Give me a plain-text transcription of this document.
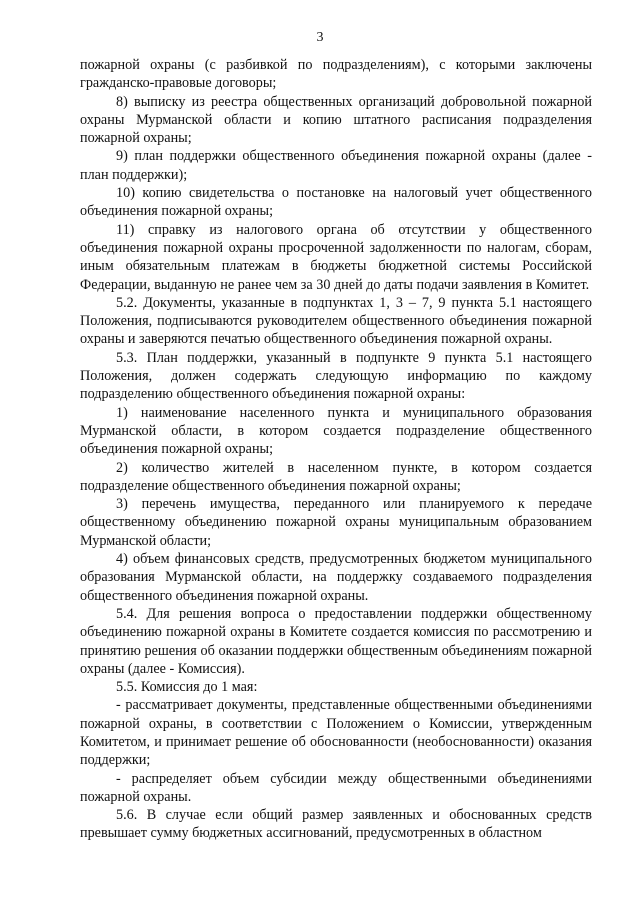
3

пожарной охраны (с разбивкой по подразделениям), с которыми заключены гражданско-правовые договоры;

8) выписку из реестра общественных организаций добровольной пожарной охраны Мурманской области и копию штатного расписания подразделения пожарной охраны;

9) план поддержки общественного объединения пожарной охраны (далее - план поддержки);

10) копию свидетельства о постановке на налоговый учет общественного объединения пожарной охраны;

11) справку из налогового органа об отсутствии у общественного объединения пожарной охраны просроченной задолженности по налогам, сборам, иным обязательным платежам в бюджеты бюджетной системы Российской Федерации, выданную не ранее чем за 30 дней до даты подачи заявления в Комитет.

5.2. Документы, указанные в подпунктах 1, 3 – 7, 9 пункта 5.1 настоящего Положения, подписываются руководителем общественного объединения пожарной охраны и заверяются печатью общественного объединения пожарной охраны.

5.3. План поддержки, указанный в подпункте 9 пункта 5.1 настоящего Положения, должен содержать следующую информацию по каждому подразделению общественного объединения пожарной охраны:

1) наименование населенного пункта и муниципального образования Мурманской области, в котором создается подразделение общественного объединения пожарной охраны;

2) количество жителей в населенном пункте, в котором создается подразделение общественного объединения пожарной охраны;

3) перечень имущества, переданного или планируемого к передаче общественному объединению пожарной охраны муниципальным образованием Мурманской области;

4) объем финансовых средств, предусмотренных бюджетом муниципального образования Мурманской области, на поддержку создаваемого подразделения общественного объединения пожарной охраны.

5.4. Для решения вопроса о предоставлении поддержки общественному объединению пожарной охраны в Комитете создается комиссия по рассмотрению и принятию решения об оказании поддержки общественным объединениям пожарной охраны (далее - Комиссия).

5.5. Комиссия до 1 мая:

- рассматривает документы, представленные общественными объединениями пожарной охраны, в соответствии с Положением о Комиссии, утвержденным Комитетом, и принимает решение об обоснованности (необоснованности) оказания поддержки;

- распределяет объем субсидии между общественными объединениями пожарной охраны.

5.6. В случае если общий размер заявленных и обоснованных средств превышает сумму бюджетных ассигнований, предусмотренных в областном
